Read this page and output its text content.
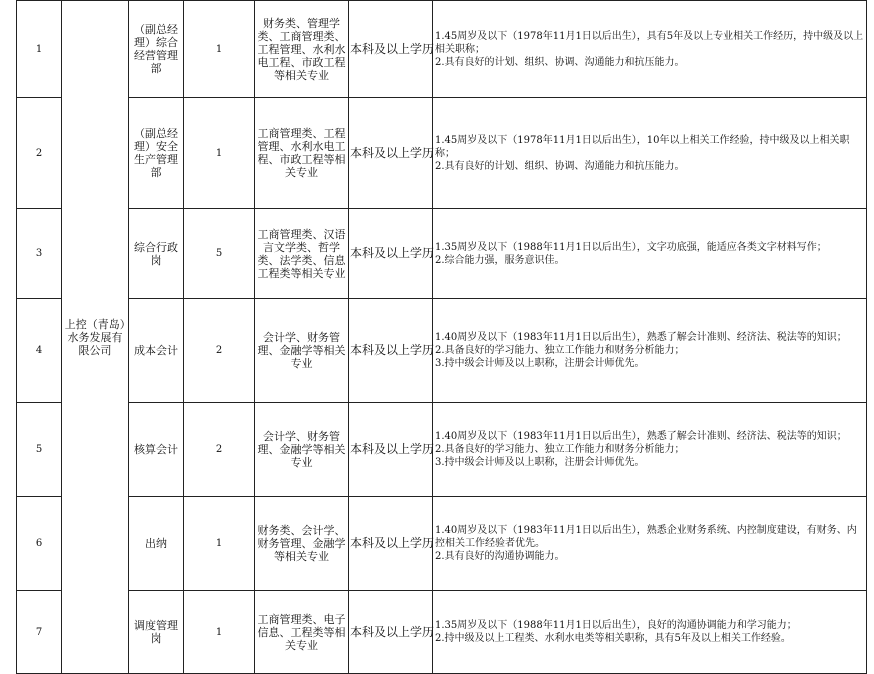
1	上控（青岛）水务发展有限公司	（副总经理）综合经营管理部	1	财务类、管理学类、工商管理类、工程管理、水利水电工程、市政工程等相关专业	本科及以上学历	1.45周岁及以下（1978年11月1日以后出生），具有5年及以上专业相关工作经历，持中级及以上相关职称；
2.具有良好的计划、组织、协调、沟通能力和抗压能力。

2		（副总经理）安全生产管理部	1	工商管理类、工程管理、水利水电工程、市政工程等相关专业	本科及以上学历	1.45周岁及以下（1978年11月1日以后出生），10年以上相关工作经验，持中级及以上相关职称；
2.具有良好的计划、组织、协调、沟通能力和抗压能力。

3		综合行政岗	5	工商管理类、汉语言文学类、哲学类、法学类、信息工程类等相关专业	本科及以上学历	1.35周岁及以下（1988年11月1日以后出生），文字功底强，能适应各类文字材料写作；
2.综合能力强，服务意识佳。

4		成本会计	2	会计学、财务管理、金融学等相关专业	本科及以上学历	1.40周岁及以下（1983年11月1日以后出生），熟悉了解会计准则、经济法、税法等的知识；
2.具备良好的学习能力、独立工作能力和财务分析能力；
3.持中级会计师及以上职称，注册会计师优先。

5		核算会计	2	会计学、财务管理、金融学等相关专业	本科及以上学历	1.40周岁及以下（1983年11月1日以后出生），熟悉了解会计准则、经济法、税法等的知识；
2.具备良好的学习能力、独立工作能力和财务分析能力；
3.持中级会计师及以上职称，注册会计师优先。

6		出纳	1	财务类、会计学、财务管理、金融学等相关专业	本科及以上学历	1.40周岁及以下（1983年11月1日以后出生），熟悉企业财务系统、内控制度建设，有财务、内控相关工作经验者优先。
2.具有良好的沟通协调能力。

7		调度管理岗	1	工商管理类、电子信息、工程类等相关专业	本科及以上学历	1.35周岁及以下（1988年11月1日以后出生），良好的沟通协调能力和学习能力；
2.持中级及以上工程类、水利水电类等相关职称，具有5年及以上相关工作经验。
